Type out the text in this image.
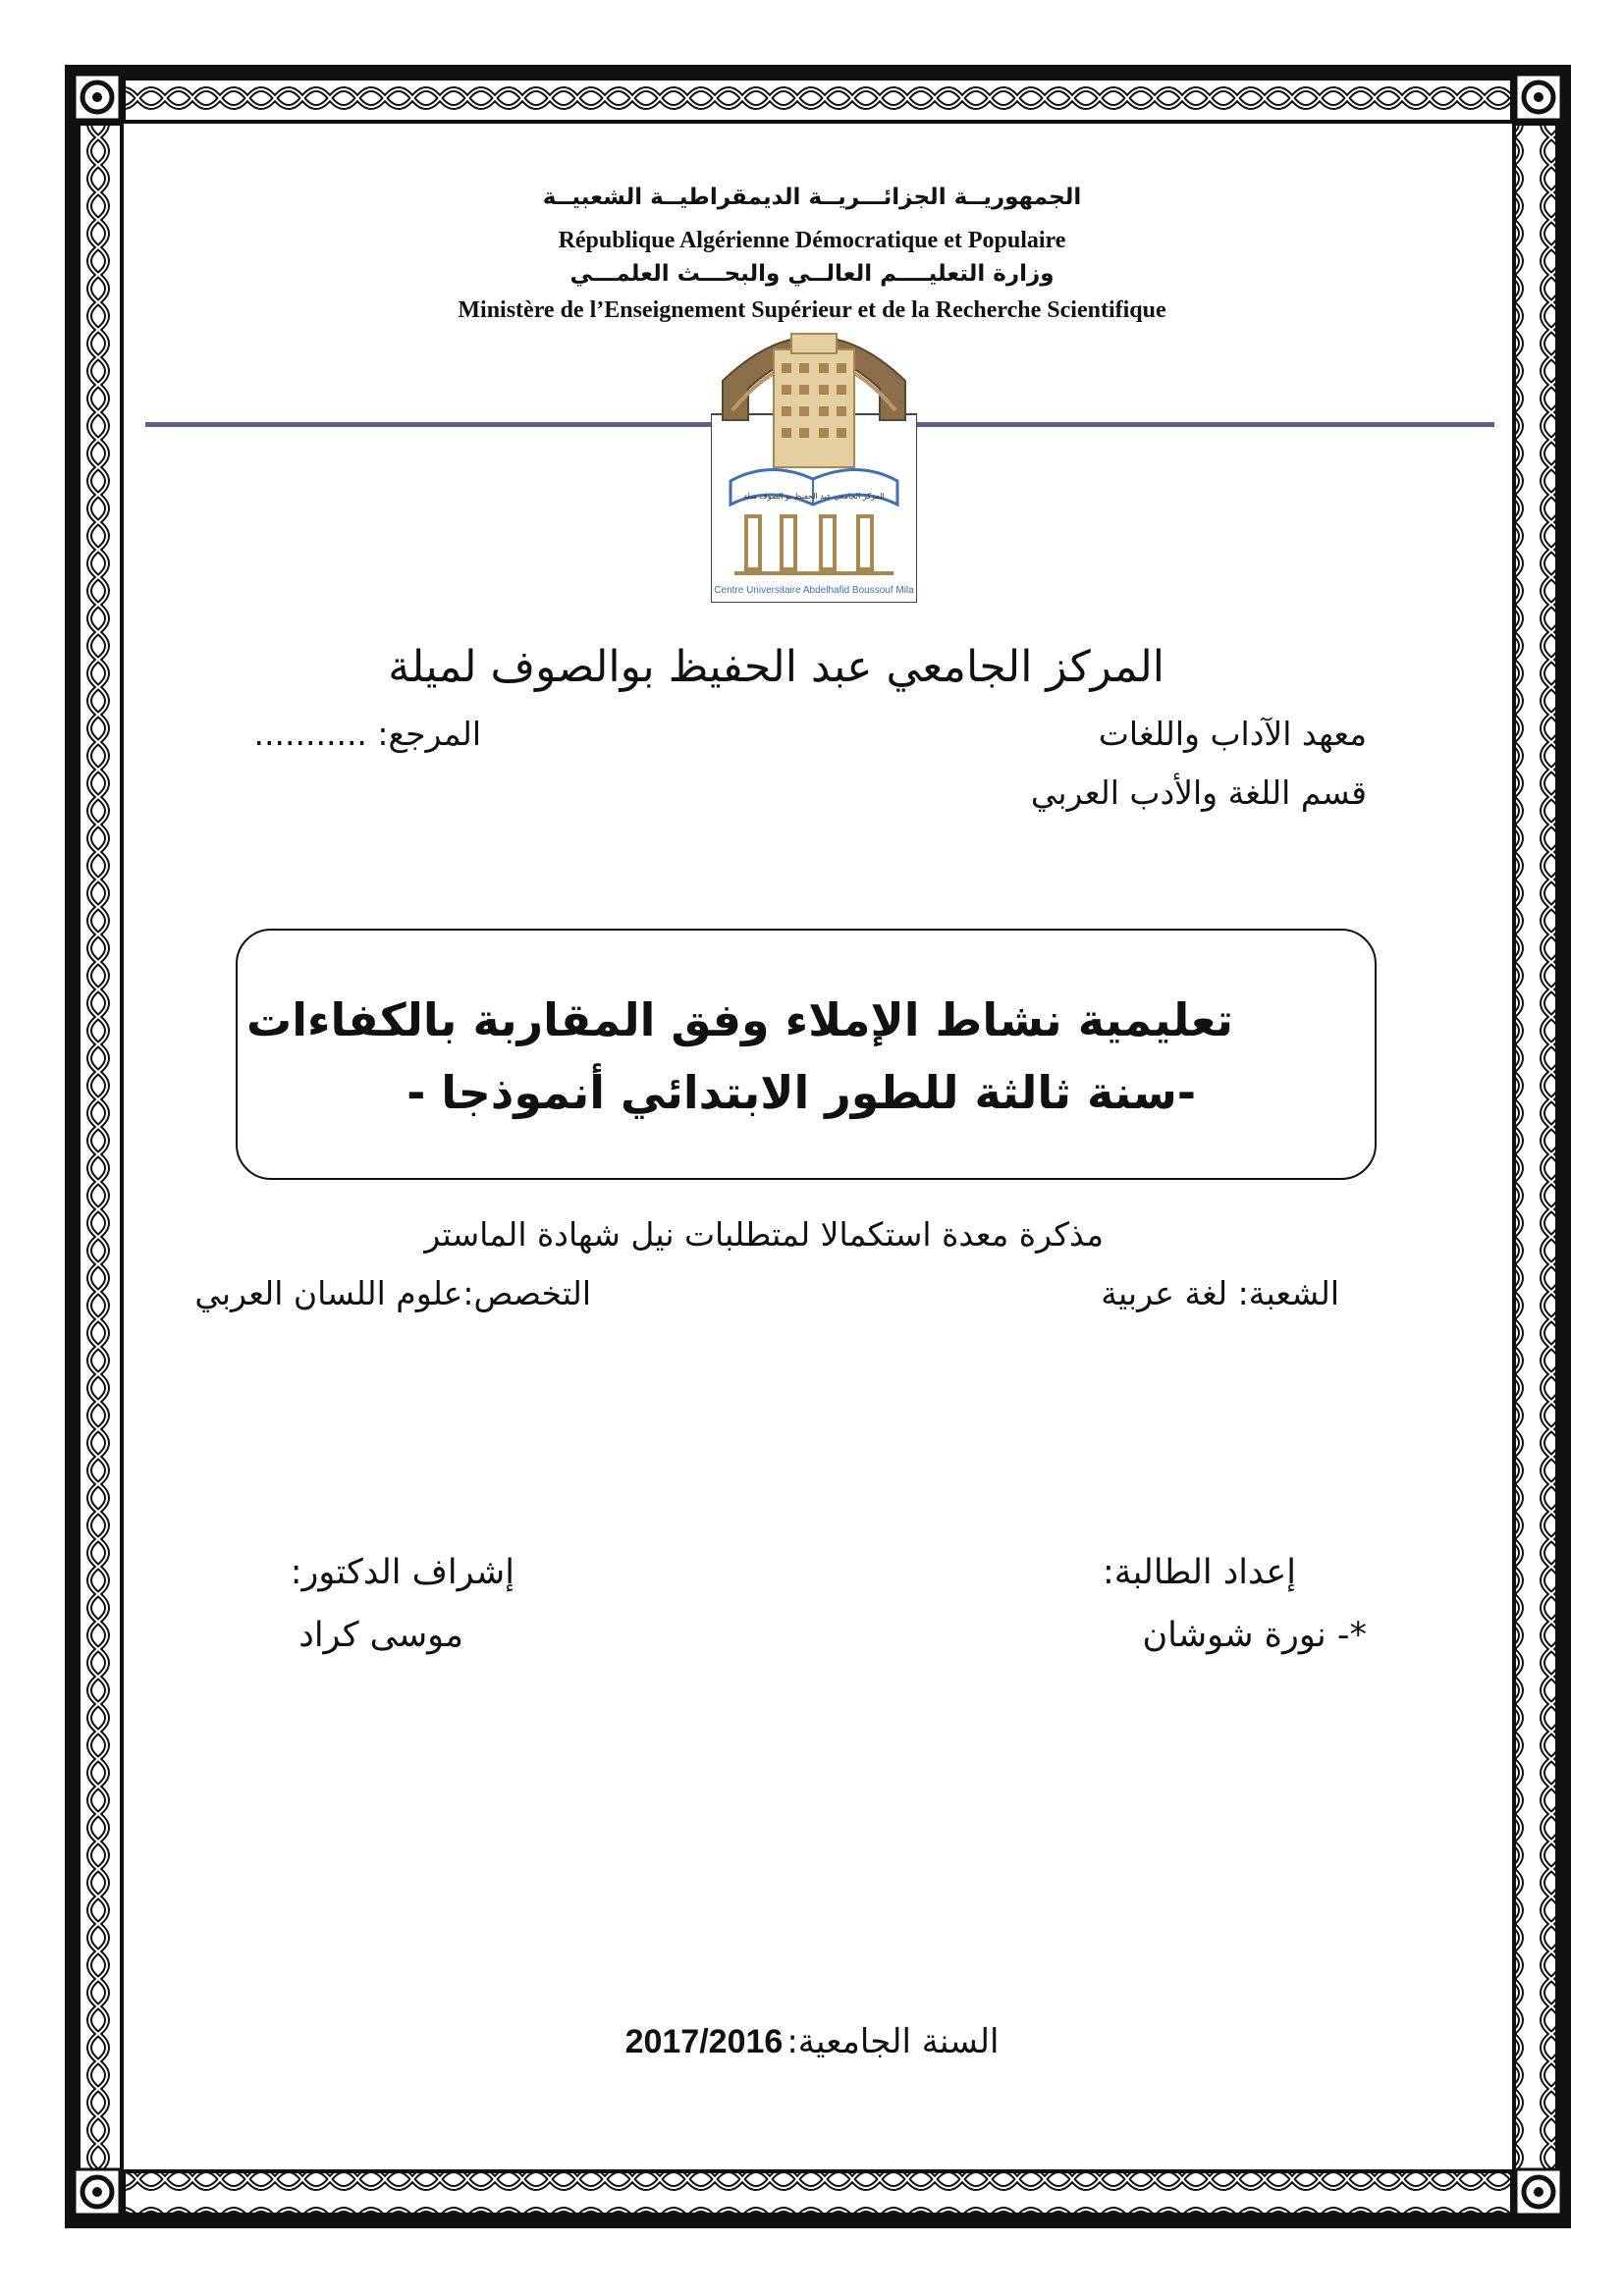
الجمهوريــة الجزائـــريــة الديمقراطيــة الشعبيــة
République Algérienne Démocratique et Populaire
وزارة التعليــــم العالــي والبحـــث العلمـــي
Ministère de l’Enseignement Supérieur et de la Recherche Scientifique
المركز الجامعي عبد الحفيظ بو الصوف ميلة
Centre Universitaire Abdelhafid Boussouf Mila
المركز الجامعي عبد الحفيظ بوالصوف لميلة
معهد الآداب واللغات
المرجع: ...........
قسم اللغة والأدب العربي
تعليمية نشاط الإملاء وفق المقاربة بالكفاءات
-سنة ثالثة للطور الابتدائي أنموذجا -
مذكرة معدة استكمالا لمتطلبات نيل شهادة الماستر
الشعبة: لغة عربية
التخصص:علوم اللسان العربي
إعداد الطالبة:
*- نورة شوشان
إشراف الدكتور:
موسى كراد
السنة الجامعية: 2017/2016
